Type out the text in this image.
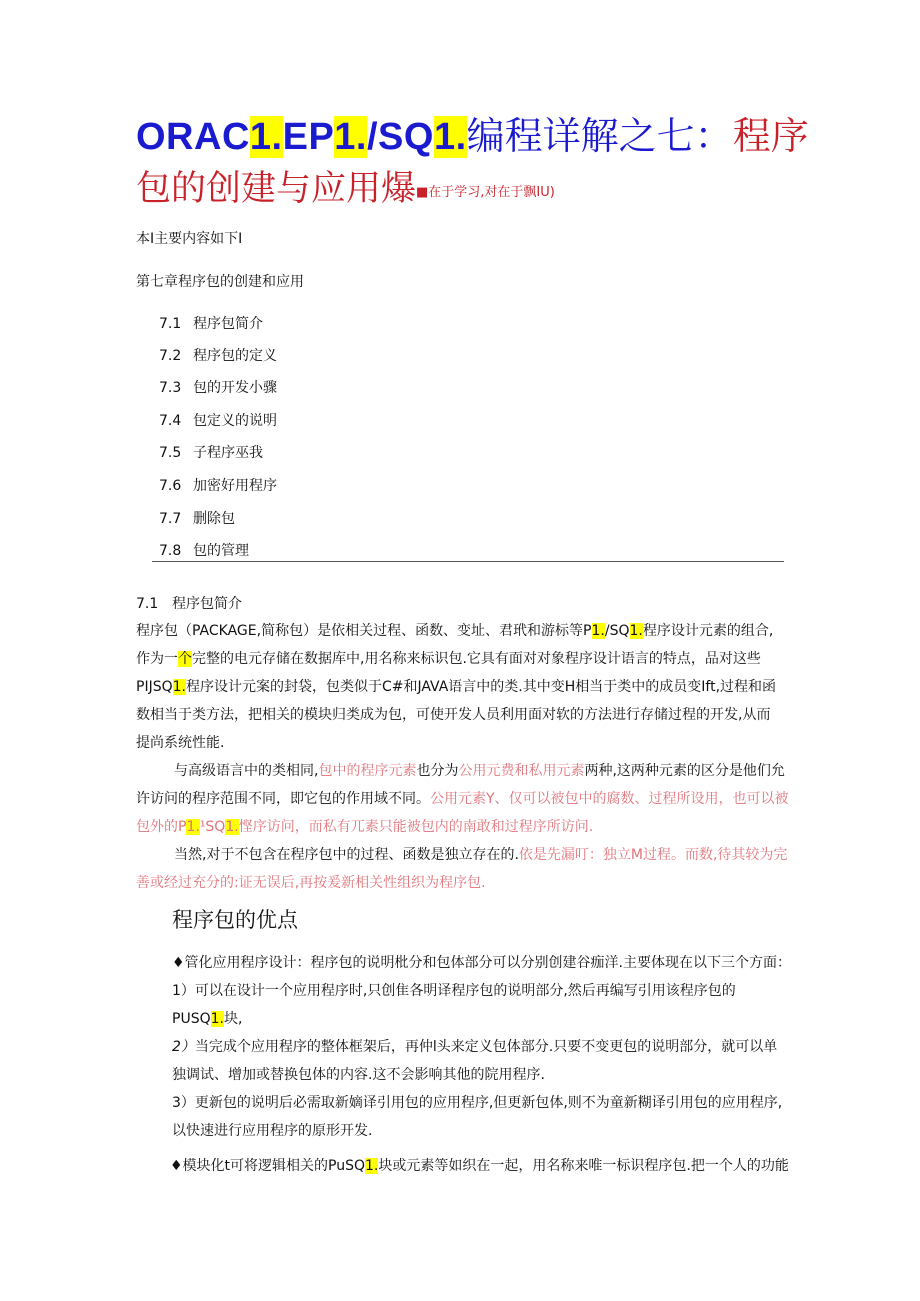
ORAC1.EP1./SQ1.编程详解之七：程序
包的创建与应用爆■在于学习,对在于飘IU)
本I主要内容如下I
第七章程序包的创建和应用
7.1 程序包简介
7.2 程序包的定义
7.3 包的开发小骤
7.4 包定义的说明
7.5 子程序巫我
7.6 加密好用程序
7.7 删除包
7.8 包的管理
7.1 程序包简介
程序包（PACKAGE,简称包）是依相关过程、函数、变址、君玳和游标等P1./SQ1.程序设计元素的组合,
作为一个完整的电元存储在数据库中,用名称来标识包.它具有面对对象程序设计语言的特点，品对这些
PIJSQ1.程序设计元案的封袋，包类似于C#和JAVA语言中的类.其中变H相当于类中的成员变Ift,过程和函
数相当于类方法，把相关的模块归类成为包，可使开发人员利用面对软的方法进行存储过程的开发,从而
提尚系统性能.
与高级语言中的类相同,包中的程序元素也分为公用元费和私用元素两种,这两种元素的区分是他们允
许访问的程序范围不同，即它包的作用域不同。公用元素Y、仅可以被包中的腐数、过程所设用，也可以被
包外的P1.¹SQ1.悭序访问，而私有兀素只能被包内的南敢和过程序所访问.
当然,对于不包含在程序包中的过程、函数是独立存在的.依是先漏叮：独立M过程。而数,待其较为完
善或经过充分的:证无误后,再按爰新相关性组织为程序包.
程序包的优点
♦管化应用程序设计：程序包的说明枇分和包体部分可以分别创建谷痂洋.主要体现在以下三个方面：
1）可以在设计一个应用程序时,只创隹各明译程序包的说明部分,然后再编写引用该程序包的
PUSQ1.块,
2）当完成个应用程序的整体框架后，再仲l头来定义包体部分.只要不变更包的说明部分，就可以单
独调试、增加或替换包体的内容.这不会影响其他的院用程序.
3）更新包的说明后必需取新嫡译引用包的应用程序,但更新包体,则不为童新糊译引用包的应用程序,
以快速进行应用程序的原形开发.
♦模块化t可将逻辑相关的PuSQ1.块或元素等如织在一起，用名称来唯一标识程序包.把一个人的功能
